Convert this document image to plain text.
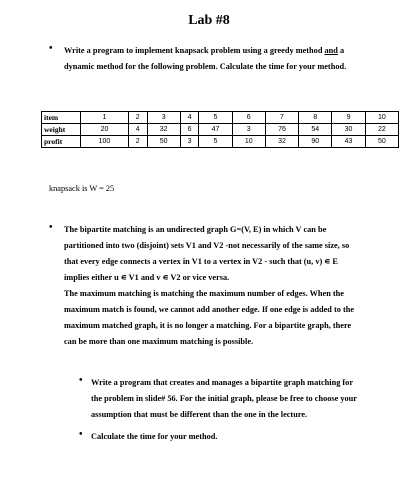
Lab #8
• Write a program to implement knapsack problem using a greedy method and a
dynamic method for the following problem. Calculate the time for your method.
item	1	2	3	4	5	6	7	8	9	10
weight	20	4	32	6	47	3	76	54	30	22
profit	100	2	50	3	5	10	32	90	43	50
knapsack is W = 25
• The bipartite matching is an undirected graph G=(V, E) in which V can be
partitioned into two (disjoint) sets V1 and V2 -not necessarily of the same size, so
that every edge connects a vertex in V1 to a vertex in V2 - such that (u, v) ∊ E
implies either u ∊ V1 and v ∊ V2 or vice versa.
The maximum matching is matching the maximum number of edges. When the
maximum match is found, we cannot add another edge. If one edge is added to the
maximum matched graph, it is no longer a matching. For a bipartite graph, there
can be more than one maximum matching is possible.
• Write a program that creates and manages a bipartite graph matching for
the problem in slide# 56. For the initial graph, please be free to choose your
assumption that must be different than the one in the lecture.
• Calculate the time for your method.
